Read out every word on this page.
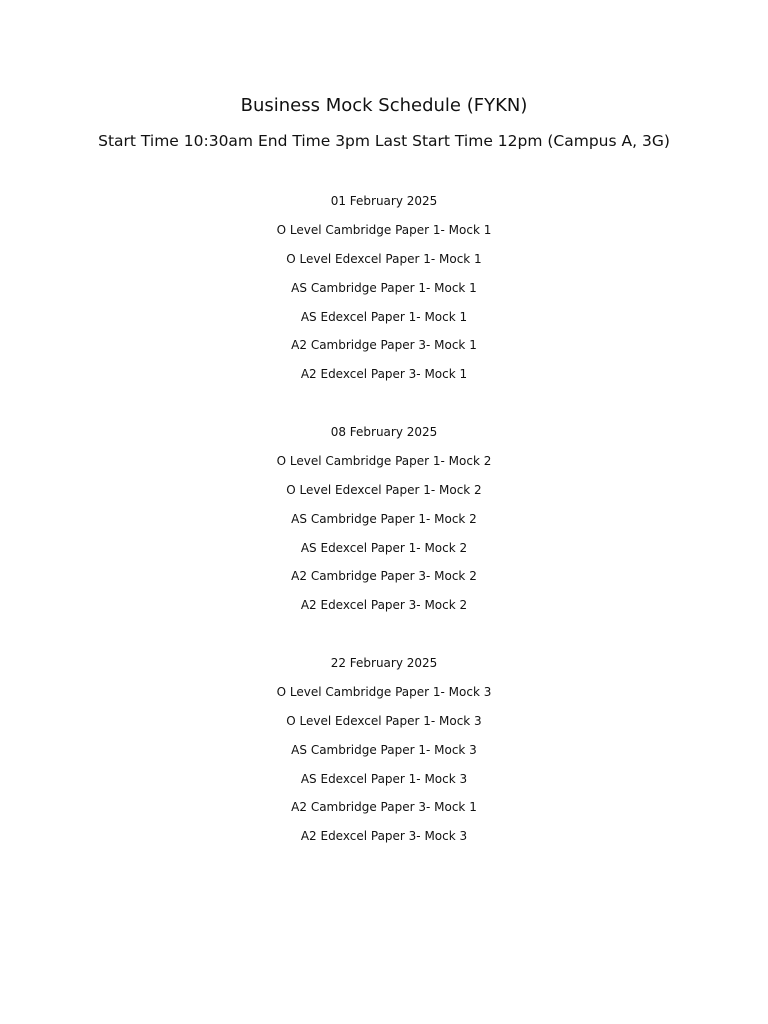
Business Mock Schedule (FYKN)
Start Time 10:30am End Time 3pm Last Start Time 12pm (Campus A, 3G)
01 February 2025
O Level Cambridge Paper 1- Mock 1
O Level Edexcel Paper 1- Mock 1
AS Cambridge Paper 1- Mock 1
AS Edexcel Paper 1- Mock 1
A2 Cambridge Paper 3- Mock 1
A2 Edexcel Paper 3- Mock 1
08 February 2025
O Level Cambridge Paper 1- Mock 2
O Level Edexcel Paper 1- Mock 2
AS Cambridge Paper 1- Mock 2
AS Edexcel Paper 1- Mock 2
A2 Cambridge Paper 3- Mock 2
A2 Edexcel Paper 3- Mock 2
22 February 2025
O Level Cambridge Paper 1- Mock 3
O Level Edexcel Paper 1- Mock 3
AS Cambridge Paper 1- Mock 3
AS Edexcel Paper 1- Mock 3
A2 Cambridge Paper 3- Mock 1
A2 Edexcel Paper 3- Mock 3
